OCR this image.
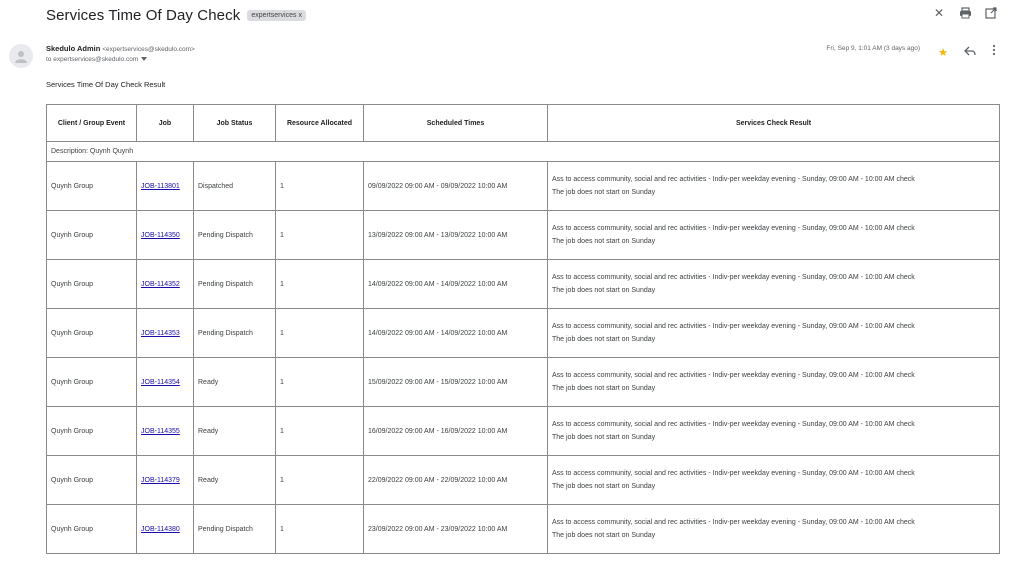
Services Time Of Day Check expertservices x	✕
Skedulo Admin <expertservices@skedulo.com>
to expertservices@skedulo.com
Fri, Sep 9, 1:01 AM (3 days ago) ★
Services Time Of Day Check Result
Client / Group Event	Job	Job Status	Resource Allocated	Scheduled Times	Services Check Result
Description: Quynh Quynh					
Quynh Group	JOB-113801	Dispatched	1	09/09/2022 09:00 AM - 09/09/2022 10:00 AM	Ass to access community, social and rec activities - Indiv-per weekday evening - Sunday, 09:00 AM - 10:00 AM check
The job does not start on Sunday

Quynh Group	JOB-114350	Pending Dispatch	1	13/09/2022 09:00 AM - 13/09/2022 10:00 AM	Ass to access community, social and rec activities - Indiv-per weekday evening - Sunday, 09:00 AM - 10:00 AM check
The job does not start on Sunday

Quynh Group	JOB-114352	Pending Dispatch	1	14/09/2022 09:00 AM - 14/09/2022 10:00 AM	Ass to access community, social and rec activities - Indiv-per weekday evening - Sunday, 09:00 AM - 10:00 AM check
The job does not start on Sunday

Quynh Group	JOB-114353	Pending Dispatch	1	14/09/2022 09:00 AM - 14/09/2022 10:00 AM	Ass to access community, social and rec activities - Indiv-per weekday evening - Sunday, 09:00 AM - 10:00 AM check
The job does not start on Sunday

Quynh Group	JOB-114354	Ready	1	15/09/2022 09:00 AM - 15/09/2022 10:00 AM	Ass to access community, social and rec activities - Indiv-per weekday evening - Sunday, 09:00 AM - 10:00 AM check
The job does not start on Sunday

Quynh Group	JOB-114355	Ready	1	16/09/2022 09:00 AM - 16/09/2022 10:00 AM	Ass to access community, social and rec activities - Indiv-per weekday evening - Sunday, 09:00 AM - 10:00 AM check
The job does not start on Sunday

Quynh Group	JOB-114379	Ready	1	22/09/2022 09:00 AM - 22/09/2022 10:00 AM	Ass to access community, social and rec activities - Indiv-per weekday evening - Sunday, 09:00 AM - 10:00 AM check
The job does not start on Sunday

Quynh Group	JOB-114380	Pending Dispatch	1	23/09/2022 09:00 AM - 23/09/2022 10:00 AM	Ass to access community, social and rec activities - Indiv-per weekday evening - Sunday, 09:00 AM - 10:00 AM check
The job does not start on Sunday
